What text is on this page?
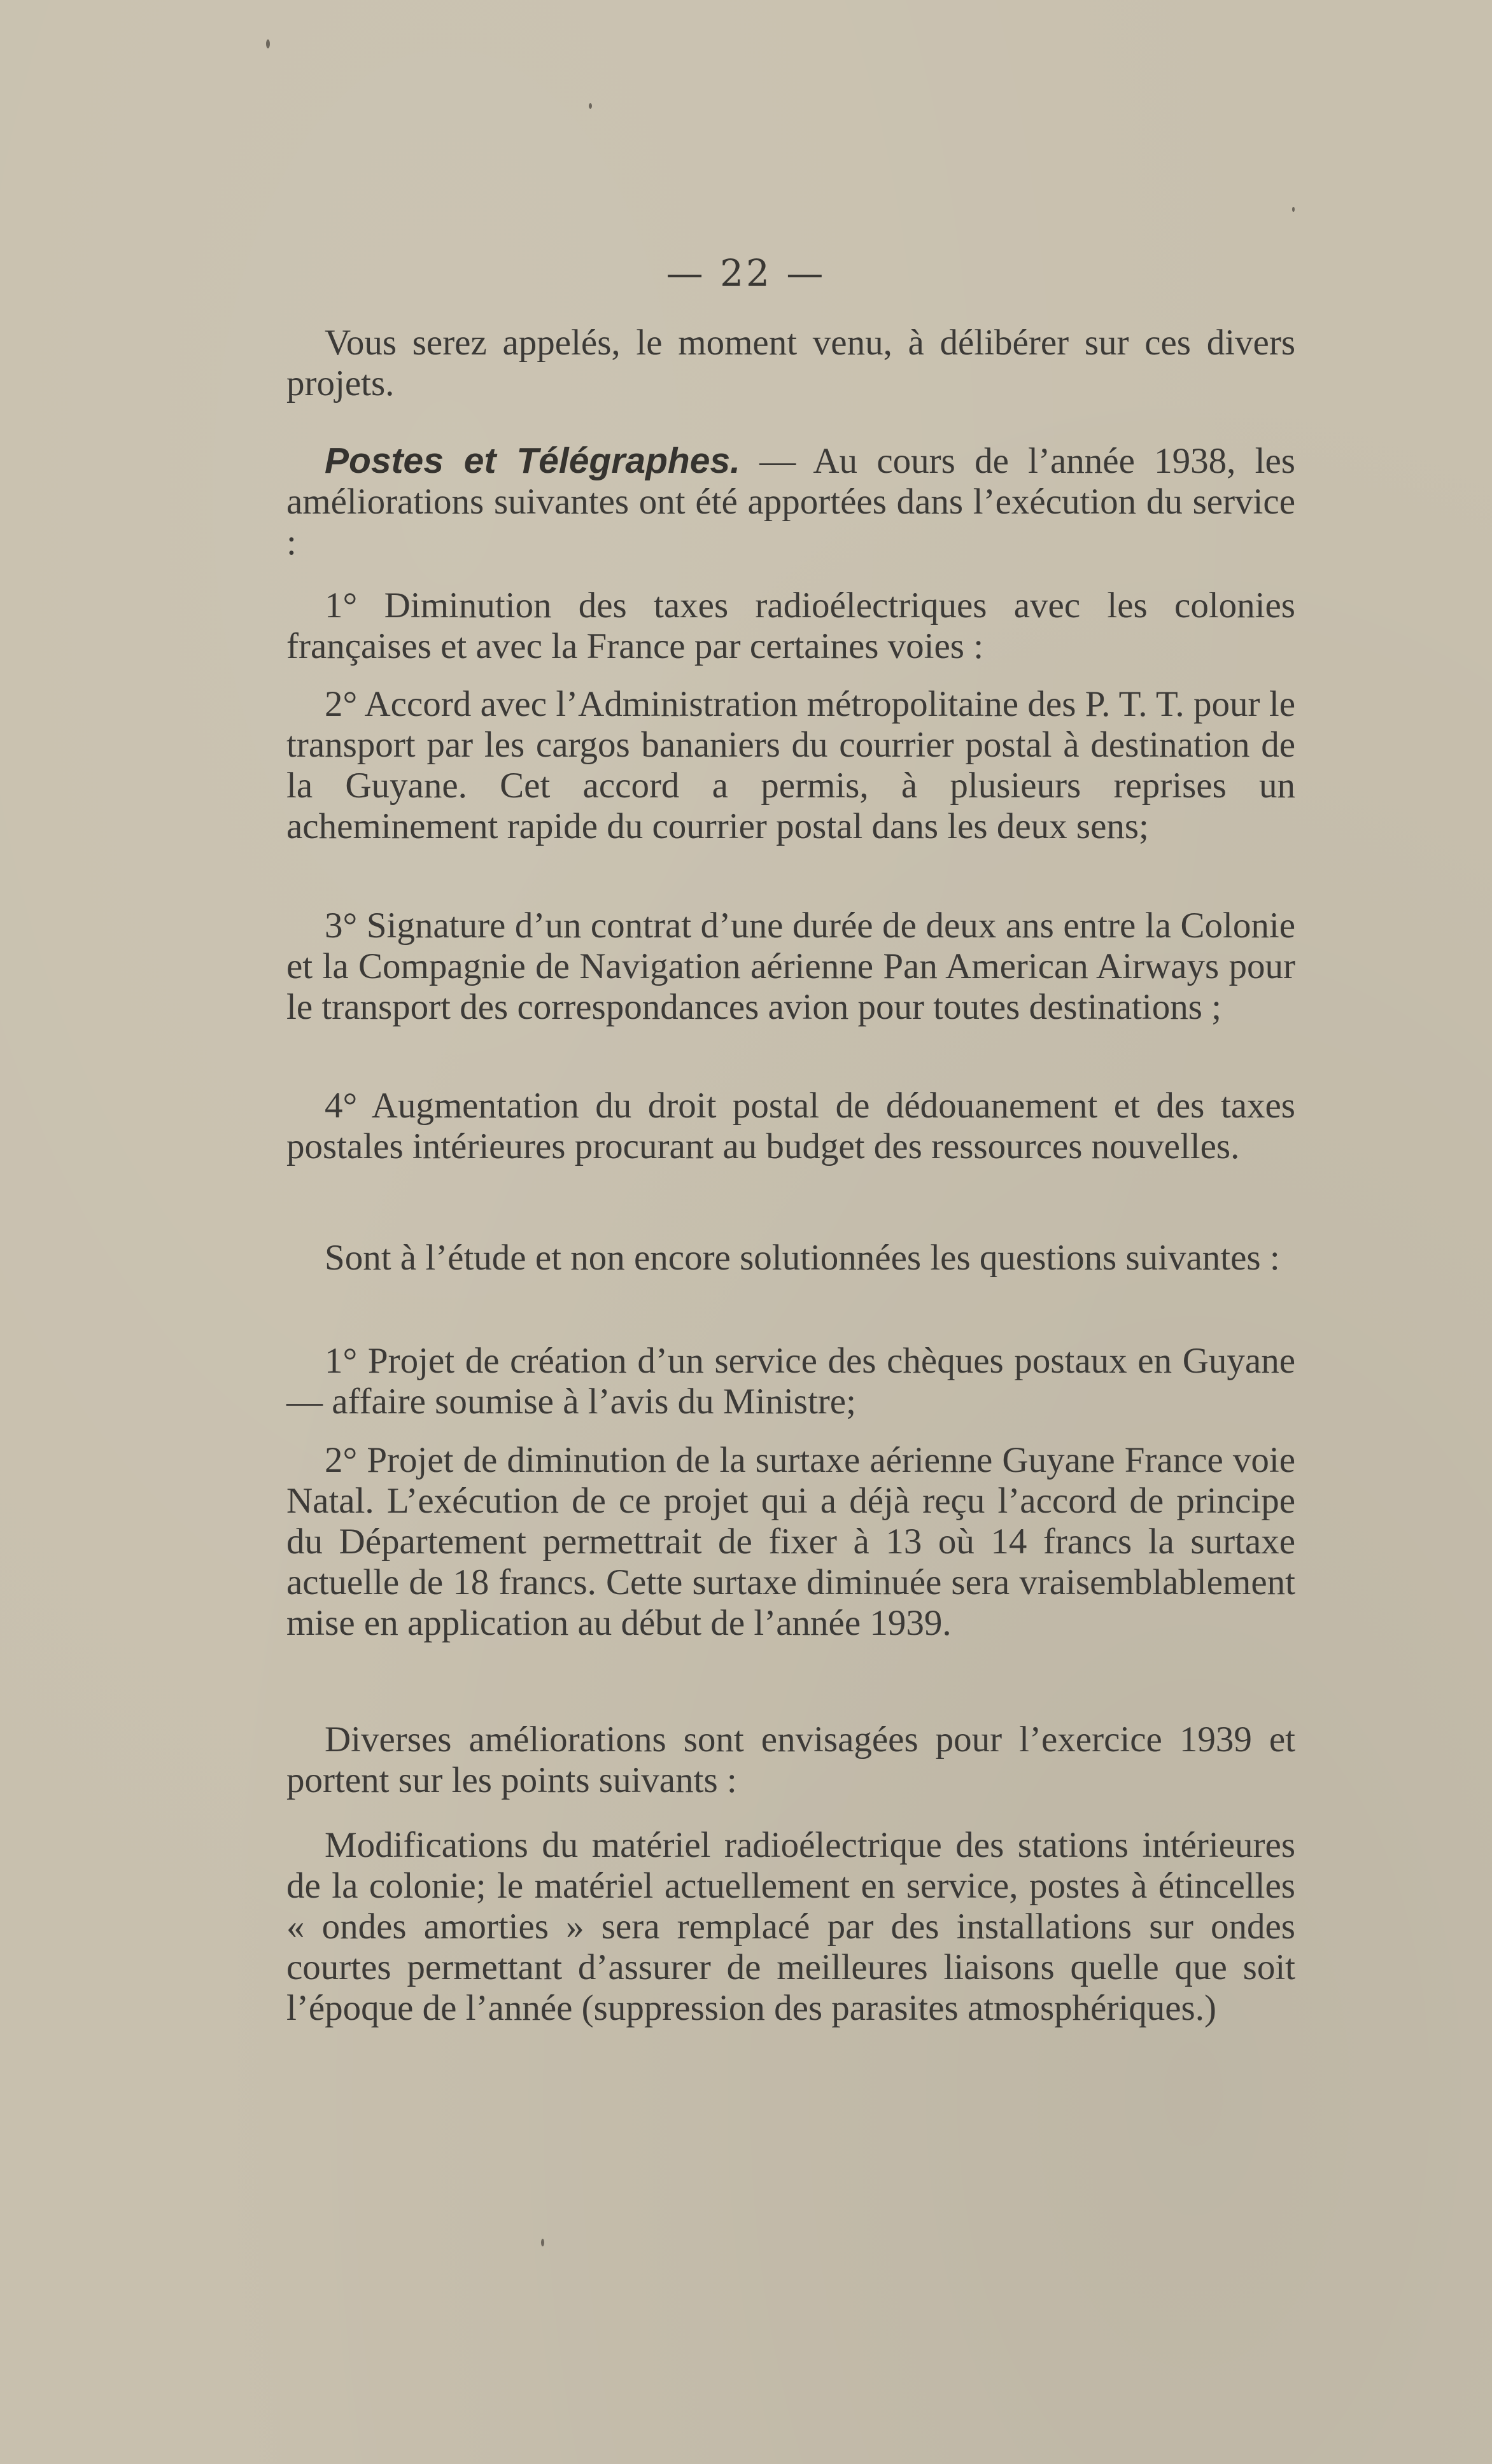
— 22 —

Vous serez appelés, le moment venu, à délibérer sur ces divers projets.

Postes et Télégraphes. — Au cours de l’année 1938, les améliorations suivantes ont été apportées dans l’exécution du service :

1° Diminution des taxes radioélectriques avec les colonies françaises et avec la France par certaines voies :

2° Accord avec l’Administration métropolitaine des P. T. T. pour le transport par les cargos bananiers du courrier postal à destination de la Guyane. Cet accord a permis, à plusieurs reprises un acheminement rapide du courrier postal dans les deux sens;

3° Signature d’un contrat d’une durée de deux ans entre la Colonie et la Compagnie de Navigation aérienne Pan American Airways pour le transport des correspondances avion pour toutes destinations ;

4° Augmentation du droit postal de dédouanement et des taxes postales intérieures procurant au budget des ressources nouvelles.

Sont à l’étude et non encore solutionnées les questions suivantes :

1° Projet de création d’un service des chèques postaux en Guyane — affaire soumise à l’avis du Ministre;

2° Projet de diminution de la surtaxe aérienne Guyane France voie Natal. L’exécution de ce projet qui a déjà reçu l’accord de principe du Département permettrait de fixer à 13 où 14 francs la surtaxe actuelle de 18 francs. Cette surtaxe diminuée sera vraisemblablement mise en application au début de l’année 1939.

Diverses améliorations sont envisagées pour l’exercice 1939 et portent sur les points suivants :

Modifications du matériel radioélectrique des stations intérieures de la colonie; le matériel actuellement en service, postes à étincelles « ondes amorties » sera remplacé par des installations sur ondes courtes permettant d’assurer de meilleures liaisons quelle que soit l’époque de l’année (suppression des parasites atmosphériques.)
